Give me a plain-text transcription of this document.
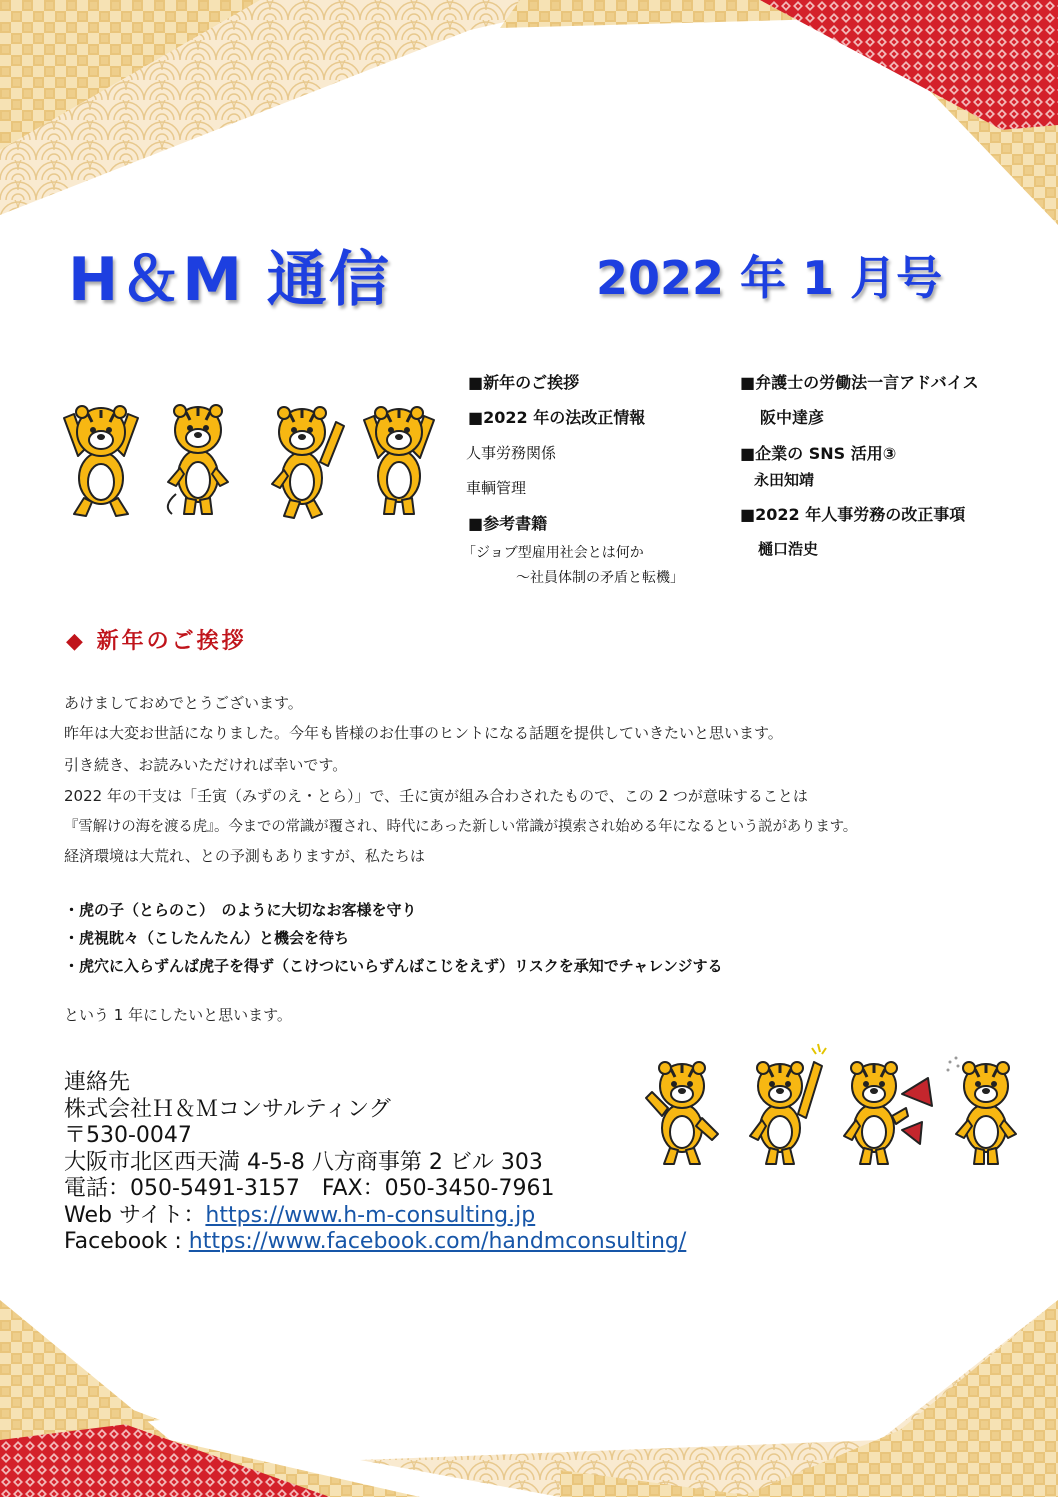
H＆M 通信	2022 年 1 月号
■新年のご挨拶
■2022 年の法改正情報
人事労務関係
車輌管理
■参考書籍
「ジョブ型雇用社会とは何か
～社員体制の矛盾と転機」
■弁護士の労働法一言アドバイス
阪中達彦
■企業の SNS 活用③
永田知靖
■2022 年人事労務の改正事項
樋口浩史
◆ 新年のご挨拶
あけましておめでとうございます。
昨年は大変お世話になりました。今年も皆様のお仕事のヒントになる話題を提供していきたいと思います。
引き続き、お読みいただければ幸いです。
2022 年の干支は「壬寅（みずのえ・とら）」で、壬に寅が組み合わされたもので、この 2 つが意味することは
『雪解けの海を渡る虎』。今までの常識が覆され、時代にあった新しい常識が摸索され始める年になるという説があります。
経済環境は大荒れ、との予測もありますが、私たちは
・虎の子（とらのこ）　のように大切なお客様を守り
・虎視眈々（こしたんたん）と機会を待ち
・虎穴に入らずんば虎子を得ず（こけつにいらずんばこじをえず）リスクを承知でチャレンジする
という 1 年にしたいと思います。
連絡先
株式会社Ｈ＆Ｍコンサルティング
〒530-0047
大阪市北区西天満 4-5-8 八方商事第 2 ビル 303
電話：050-5491-3157　FAX：050-3450-7961
Web サイト：https://www.h-m-consulting.jp
Facebook : https://www.facebook.com/handmconsulting/
